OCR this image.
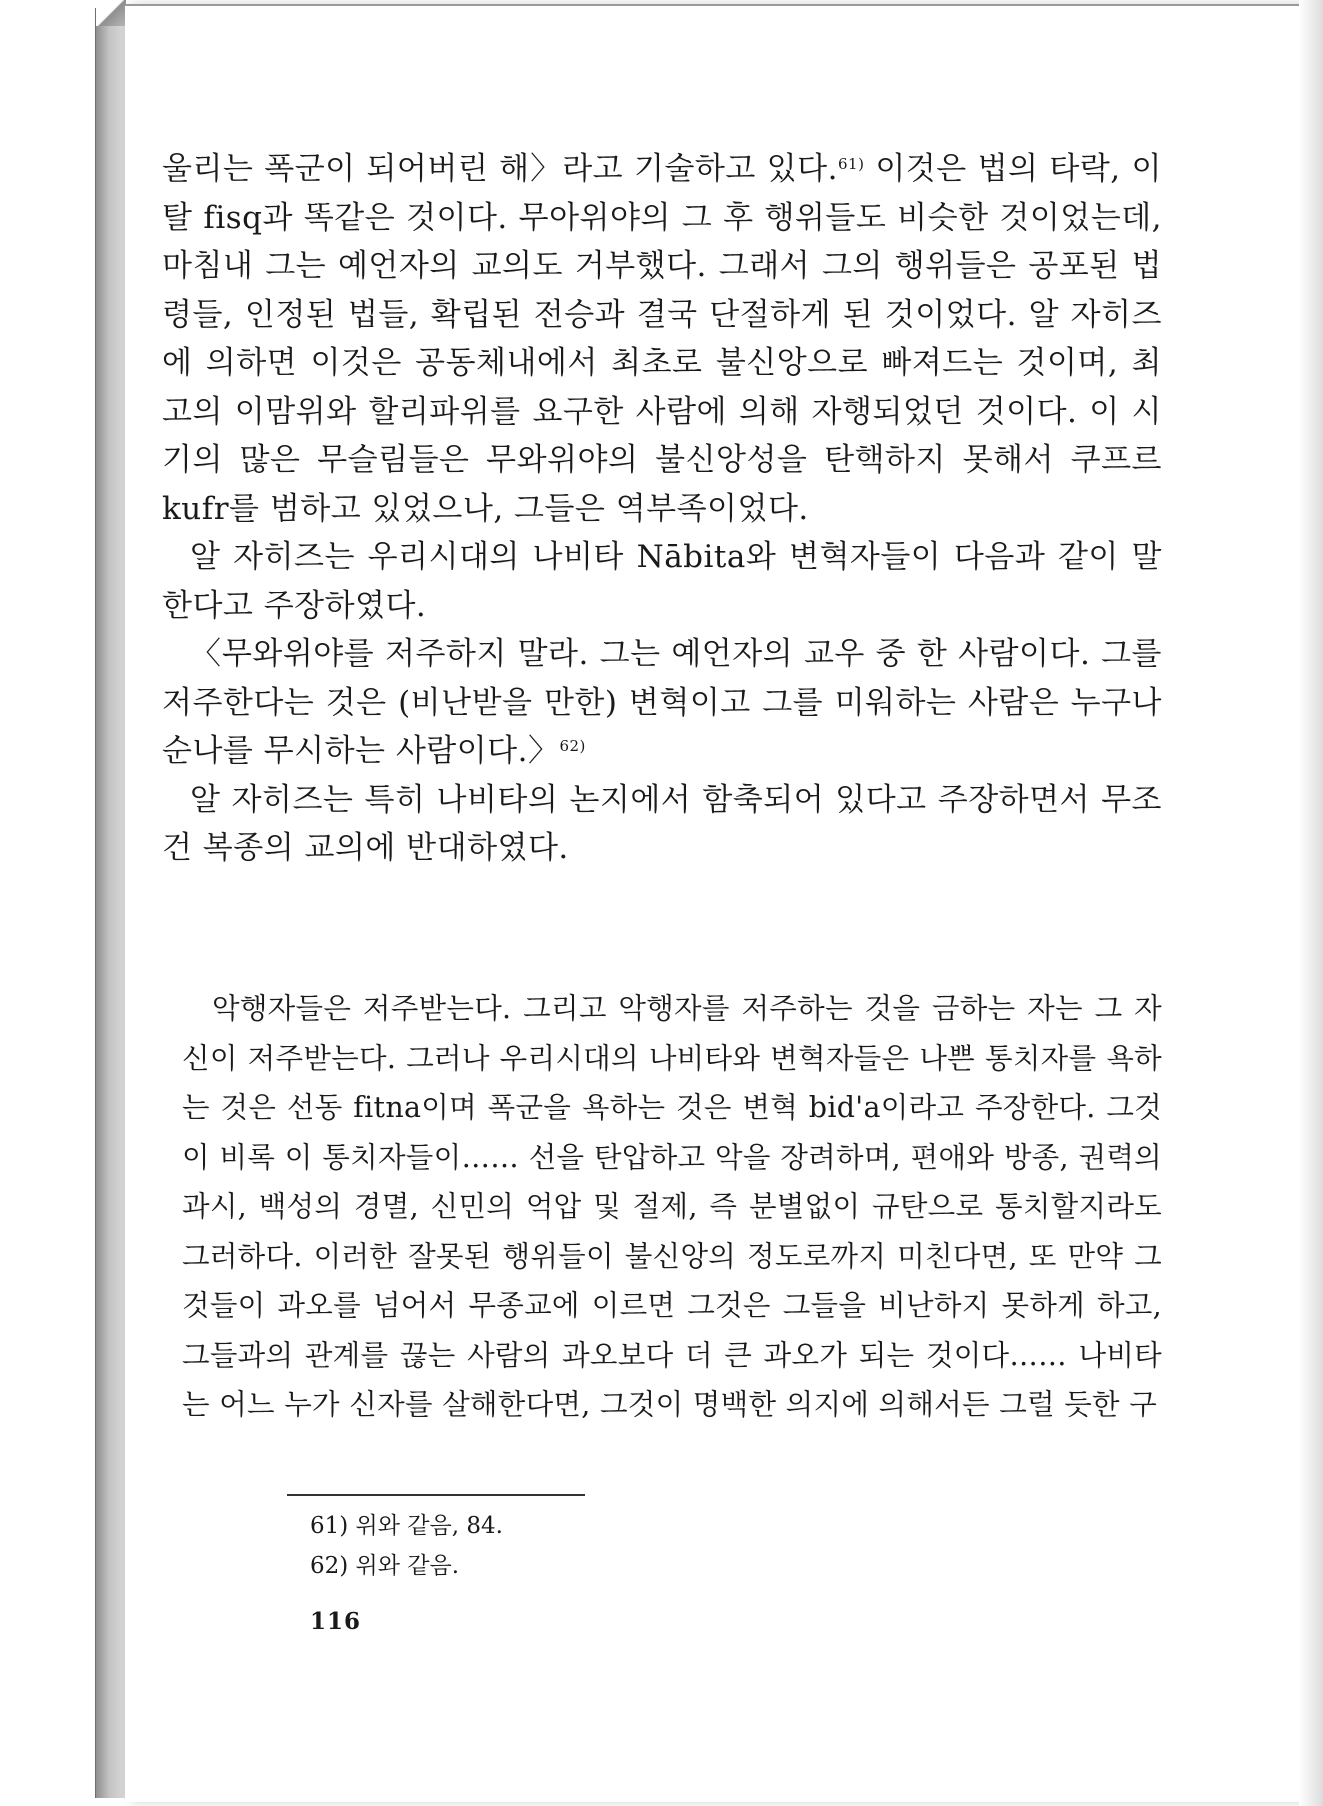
울리는 폭군이 되어버린 해〉라고 기술하고 있다.$^{61)}$ 이것은 법의 타락, 이탈 fisq과 똑같은 것이다. 무아위야의 그 후 행위들도 비슷한 것이었는데, 마침내 그는 예언자의 교의도 거부했다. 그래서 그의 행위들은 공포된 법령들, 인정된 법들, 확립된 전승과 결국 단절하게 된 것이었다. 알 자히즈에 의하면 이것은 공동체내에서 최초로 불신앙으로 빠져드는 것이며, 최고의 이맘위와 할리파위를 요구한 사람에 의해 자행되었던 것이다. 이 시기의 많은 무슬림들은 무와위야의 불신앙성을 탄핵하지 못해서 쿠프르 kufr를 범하고 있었으나, 그들은 역부족이었다.

알 자히즈는 우리시대의 나비타 Nābita와 변혁자들이 다음과 같이 말한다고 주장하였다.

〈무와위야를 저주하지 말라. 그는 예언자의 교우 중 한 사람이다. 그를 저주한다는 것은 (비난받을 만한) 변혁이고 그를 미워하는 사람은 누구나 순나를 무시하는 사람이다.〉$^{62)}$

알 자히즈는 특히 나비타의 논지에서 함축되어 있다고 주장하면서 무조건 복종의 교의에 반대하였다.

악행자들은 저주받는다. 그리고 악행자를 저주하는 것을 금하는 자는 그 자신이 저주받는다. 그러나 우리시대의 나비타와 변혁자들은 나쁜 통치자를 욕하는 것은 선동 fitna이며 폭군을 욕하는 것은 변혁 bid'a이라고 주장한다. 그것이 비록 이 통치자들이…… 선을 탄압하고 악을 장려하며, 편애와 방종, 권력의 과시, 백성의 경멸, 신민의 억압 및 절제, 즉 분별없이 규탄으로 통치할지라도 그러하다. 이러한 잘못된 행위들이 불신앙의 정도로까지 미친다면, 또 만약 그것들이 과오를 넘어서 무종교에 이르면 그것은 그들을 비난하지 못하게 하고, 그들과의 관계를 끊는 사람의 과오보다 더 큰 과오가 되는 것이다…… 나비타는 어느 누가 신자를 살해한다면, 그것이 명백한 의지에 의해서든 그럴 듯한 구

61) 위와 같음, 84.
62) 위와 같음.
116
